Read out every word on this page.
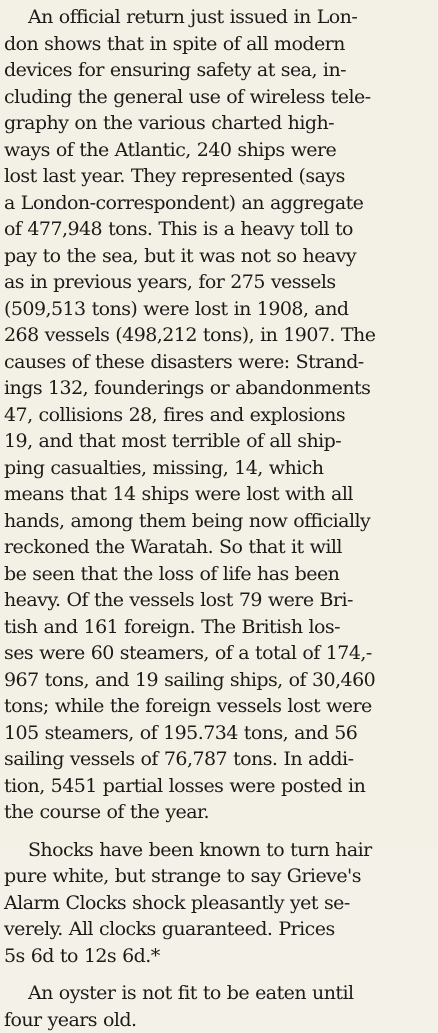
An official return just issued in Lon-
don shows that in spite of all modern
devices for ensuring safety at sea, in-
cluding the general use of wireless tele-
graphy on the various charted high-
ways of the Atlantic, 240 ships were
lost last year. They represented (says
a London-correspondent) an aggregate
of 477,948 tons. This is a heavy toll to
pay to the sea, but it was not so heavy
as in previous years, for 275 vessels
(509,513 tons) were lost in 1908, and
268 vessels (498,212 tons), in 1907. The
causes of these disasters were: Strand-
ings 132, founderings or abandonments
47, collisions 28, fires and explosions
19, and that most terrible of all ship-
ping casualties, missing, 14, which
means that 14 ships were lost with all
hands, among them being now officially
reckoned the Waratah. So that it will
be seen that the loss of life has been
heavy. Of the vessels lost 79 were Bri-
tish and 161 foreign. The British los-
ses were 60 steamers, of a total of 174,-
967 tons, and 19 sailing ships, of 30,460
tons; while the foreign vessels lost were
105 steamers, of 195.734 tons, and 56
sailing vessels of 76,787 tons. In addi-
tion, 5451 partial losses were posted in
the course of the year.
Shocks have been known to turn hair
pure white, but strange to say Grieve's
Alarm Clocks shock pleasantly yet se-
verely. All clocks guaranteed. Prices
5s 6d to 12s 6d.*
An oyster is not fit to be eaten until
four years old.
